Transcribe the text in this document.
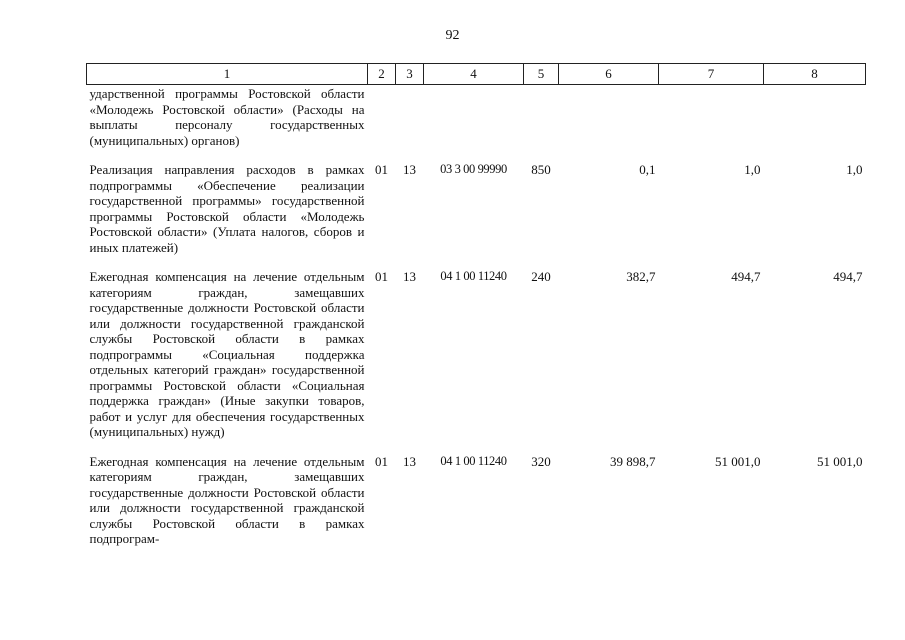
92
1	2	3	4	5	6	7	8
ударственной программы Ростовской области «Молодежь Ростовской области» (Расходы на выплаты персоналу государственных (муниципальных) органов)							
Реализация направления расходов в рамках подпрограммы «Обеспечение реализации государственной программы» государственной программы Ростовской области «Молодежь Ростовской области» (Уплата налогов, сборов и иных платежей)	01	13	03 3 00 99990	850	0,1	1,0	1,0
Ежегодная компенсация на лечение отдельным категориям граждан, замещавших государственные должности Ростовской области или должности государственной гражданской службы Ростовской области в рамках подпрограммы «Социальная поддержка отдельных категорий граждан» государственной программы Ростовской области «Социальная поддержка граждан» (Иные закупки товаров, работ и услуг для обеспечения государственных (муниципальных) нужд)	01	13	04 1 00 11240	240	382,7	494,7	494,7
Ежегодная компенсация на лечение отдельным категориям граждан, замещавших государственные должности Ростовской области или должности государственной гражданской службы Ростовской области в рамках подпрограм-	01	13	04 1 00 11240	320	39 898,7	51 001,0	51 001,0
